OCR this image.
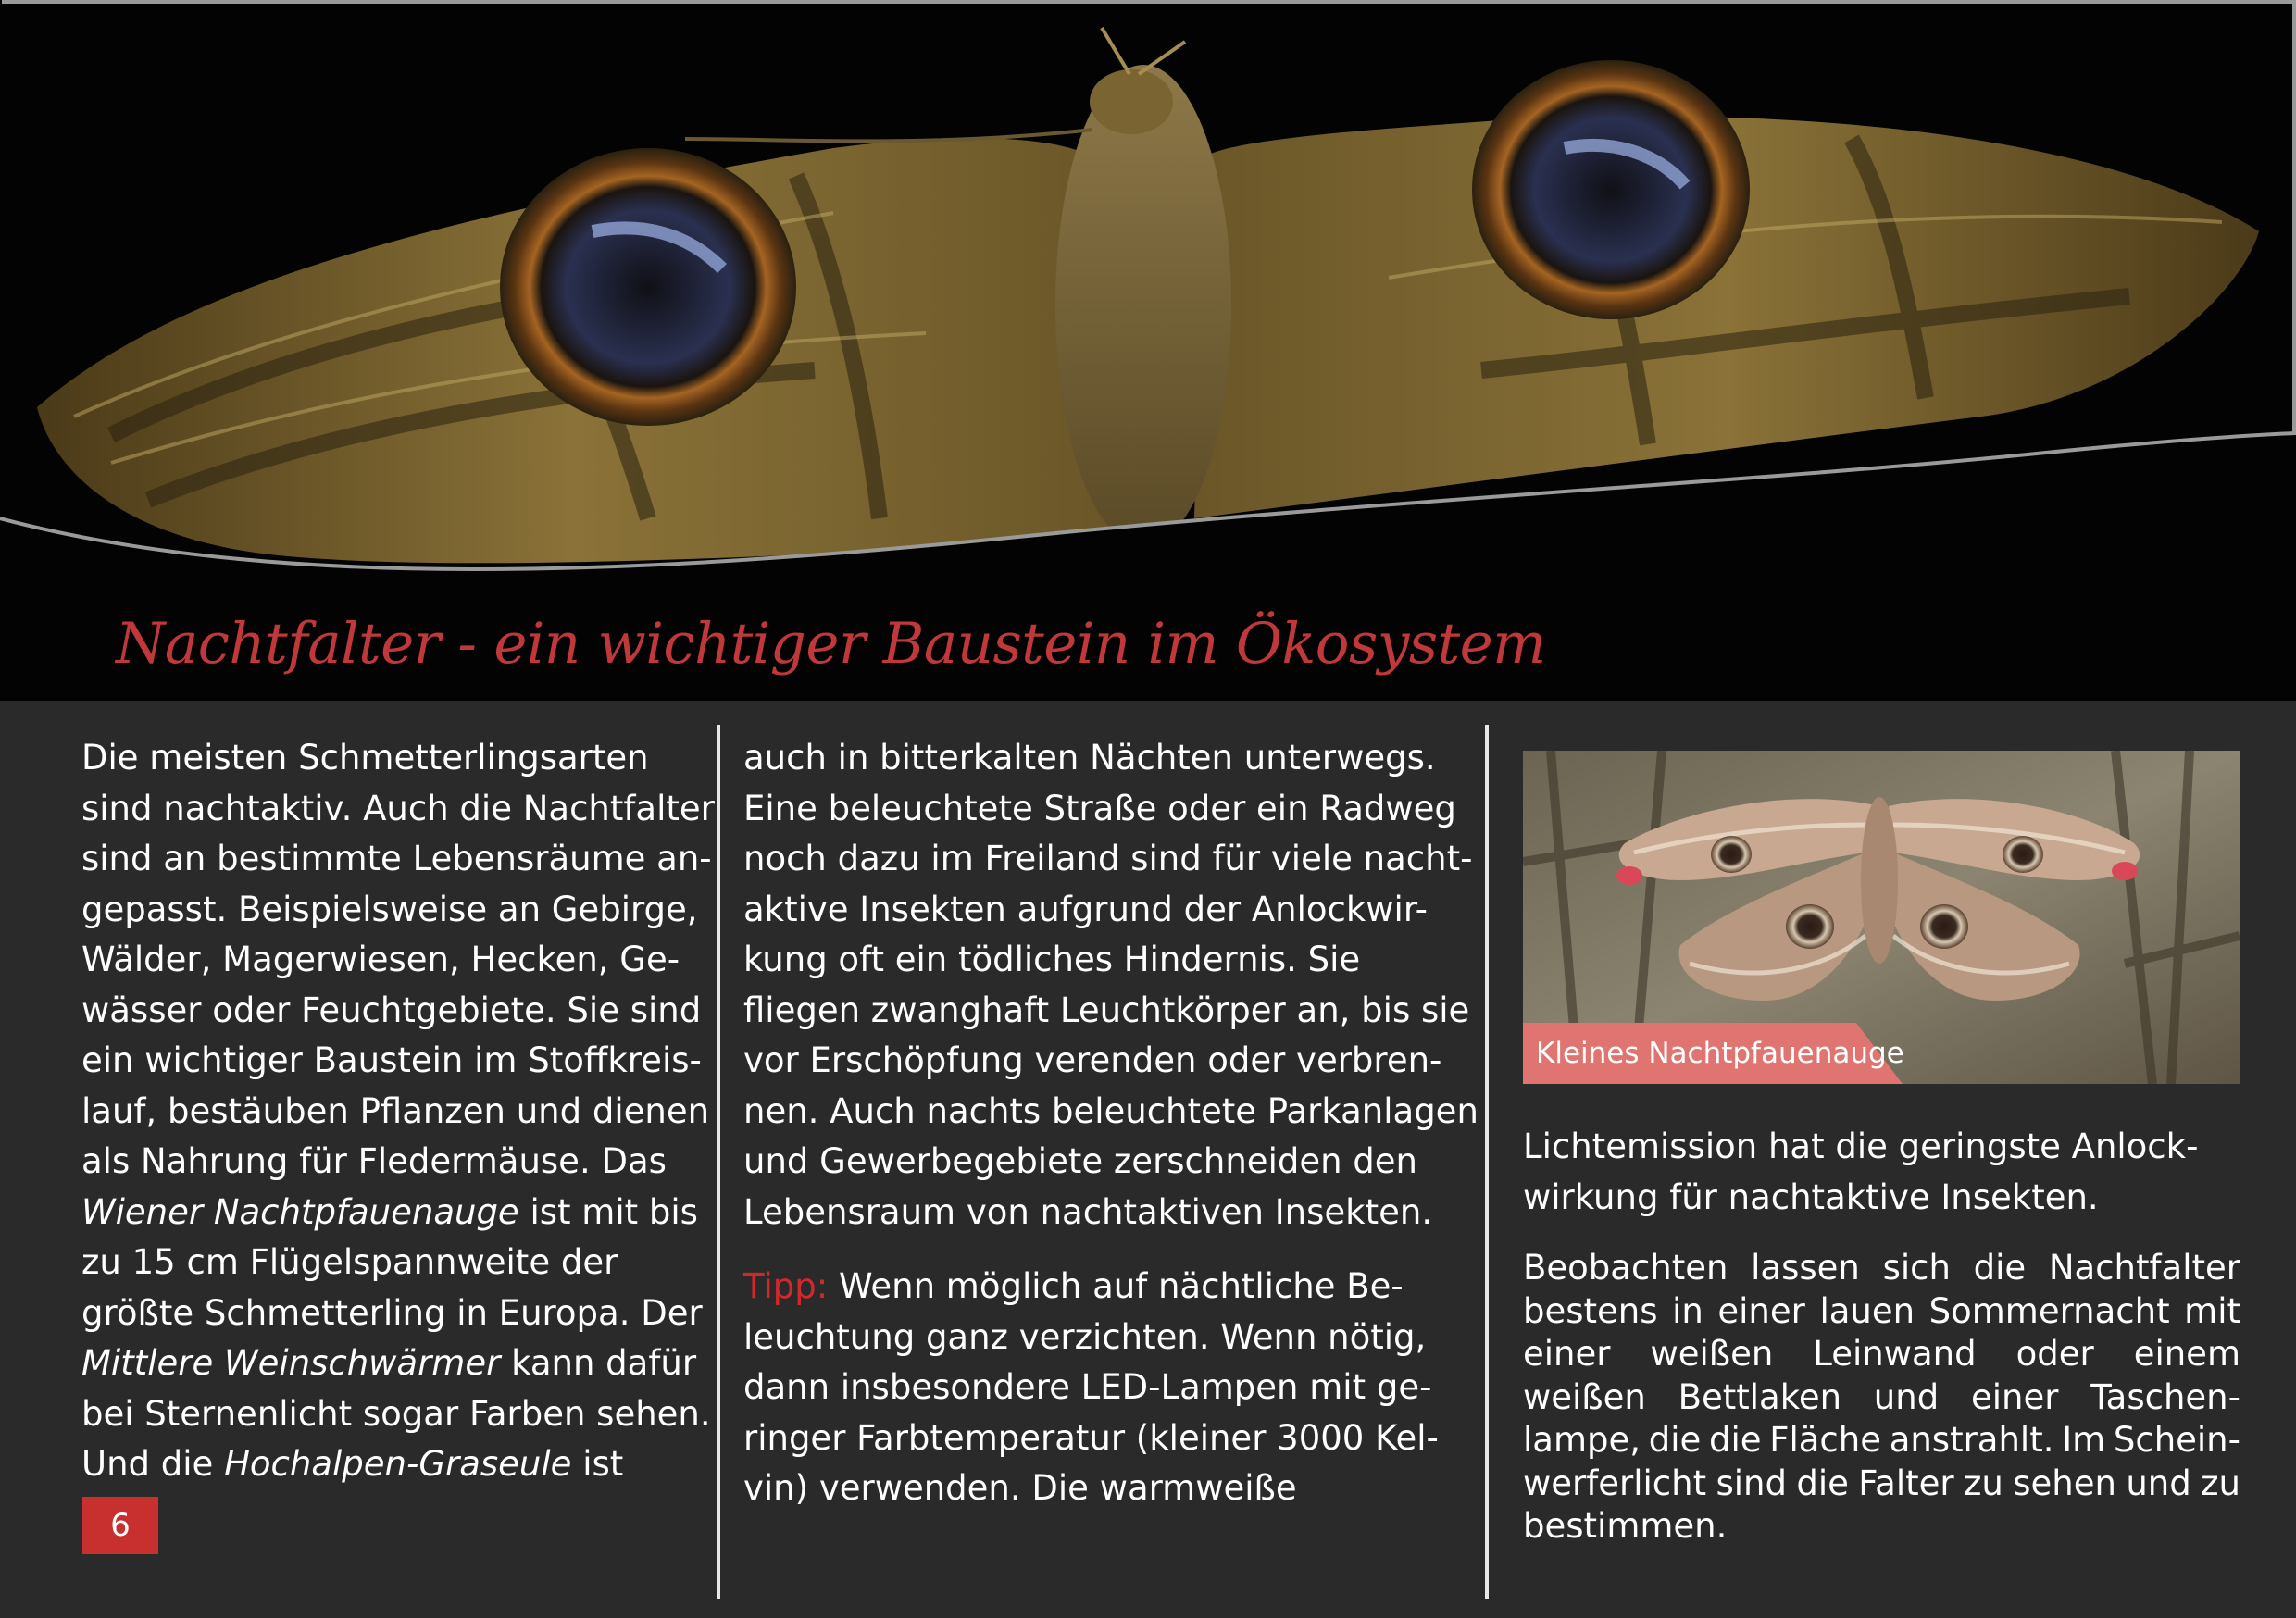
Nachtfalter - ein wichtiger Baustein im Ökosystem
Die meisten Schmetterlingsarten
sind nachtaktiv. Auch die Nachtfalter
sind an bestimmte Lebensräume an-
gepasst. Beispielsweise an Gebirge,
Wälder, Magerwiesen, Hecken, Ge-
wässer oder Feuchtgebiete. Sie sind
ein wichtiger Baustein im Stoffkreis-
lauf, bestäuben Pflanzen und dienen
als Nahrung für Fledermäuse. Das
Wiener Nachtpfauenauge ist mit bis
zu 15 cm Flügelspannweite der
größte Schmetterling in Europa. Der
Mittlere Weinschwärmer kann dafür
bei Sternenlicht sogar Farben sehen.
Und die Hochalpen-Graseule ist
6
auch in bitterkalten Nächten unterwegs.
Eine beleuchtete Straße oder ein Radweg
noch dazu im Freiland sind für viele nacht-
aktive Insekten aufgrund der Anlockwir-
kung oft ein tödliches Hindernis. Sie
fliegen zwanghaft Leuchtkörper an, bis sie
vor Erschöpfung verenden oder verbren-
nen. Auch nachts beleuchtete Parkanlagen
und Gewerbegebiete zerschneiden den
Lebensraum von nachtaktiven Insekten.
Tipp: Wenn möglich auf nächtliche Be-
leuchtung ganz verzichten. Wenn nötig,
dann insbesondere LED-Lampen mit ge-
ringer Farbtemperatur (kleiner 3000 Kel-
vin) verwenden. Die warmweiße
Kleines Nachtpfauenauge
Lichtemission hat die geringste Anlock-
wirkung für nachtaktive Insekten.
Beobachten lassen sich die Nachtfalter
bestens in einer lauen Sommernacht mit
einer weißen Leinwand oder einem
weißen Bettlaken und einer Taschen-
lampe, die die Fläche anstrahlt. Im Schein-
werferlicht sind die Falter zu sehen und zu
bestimmen.
